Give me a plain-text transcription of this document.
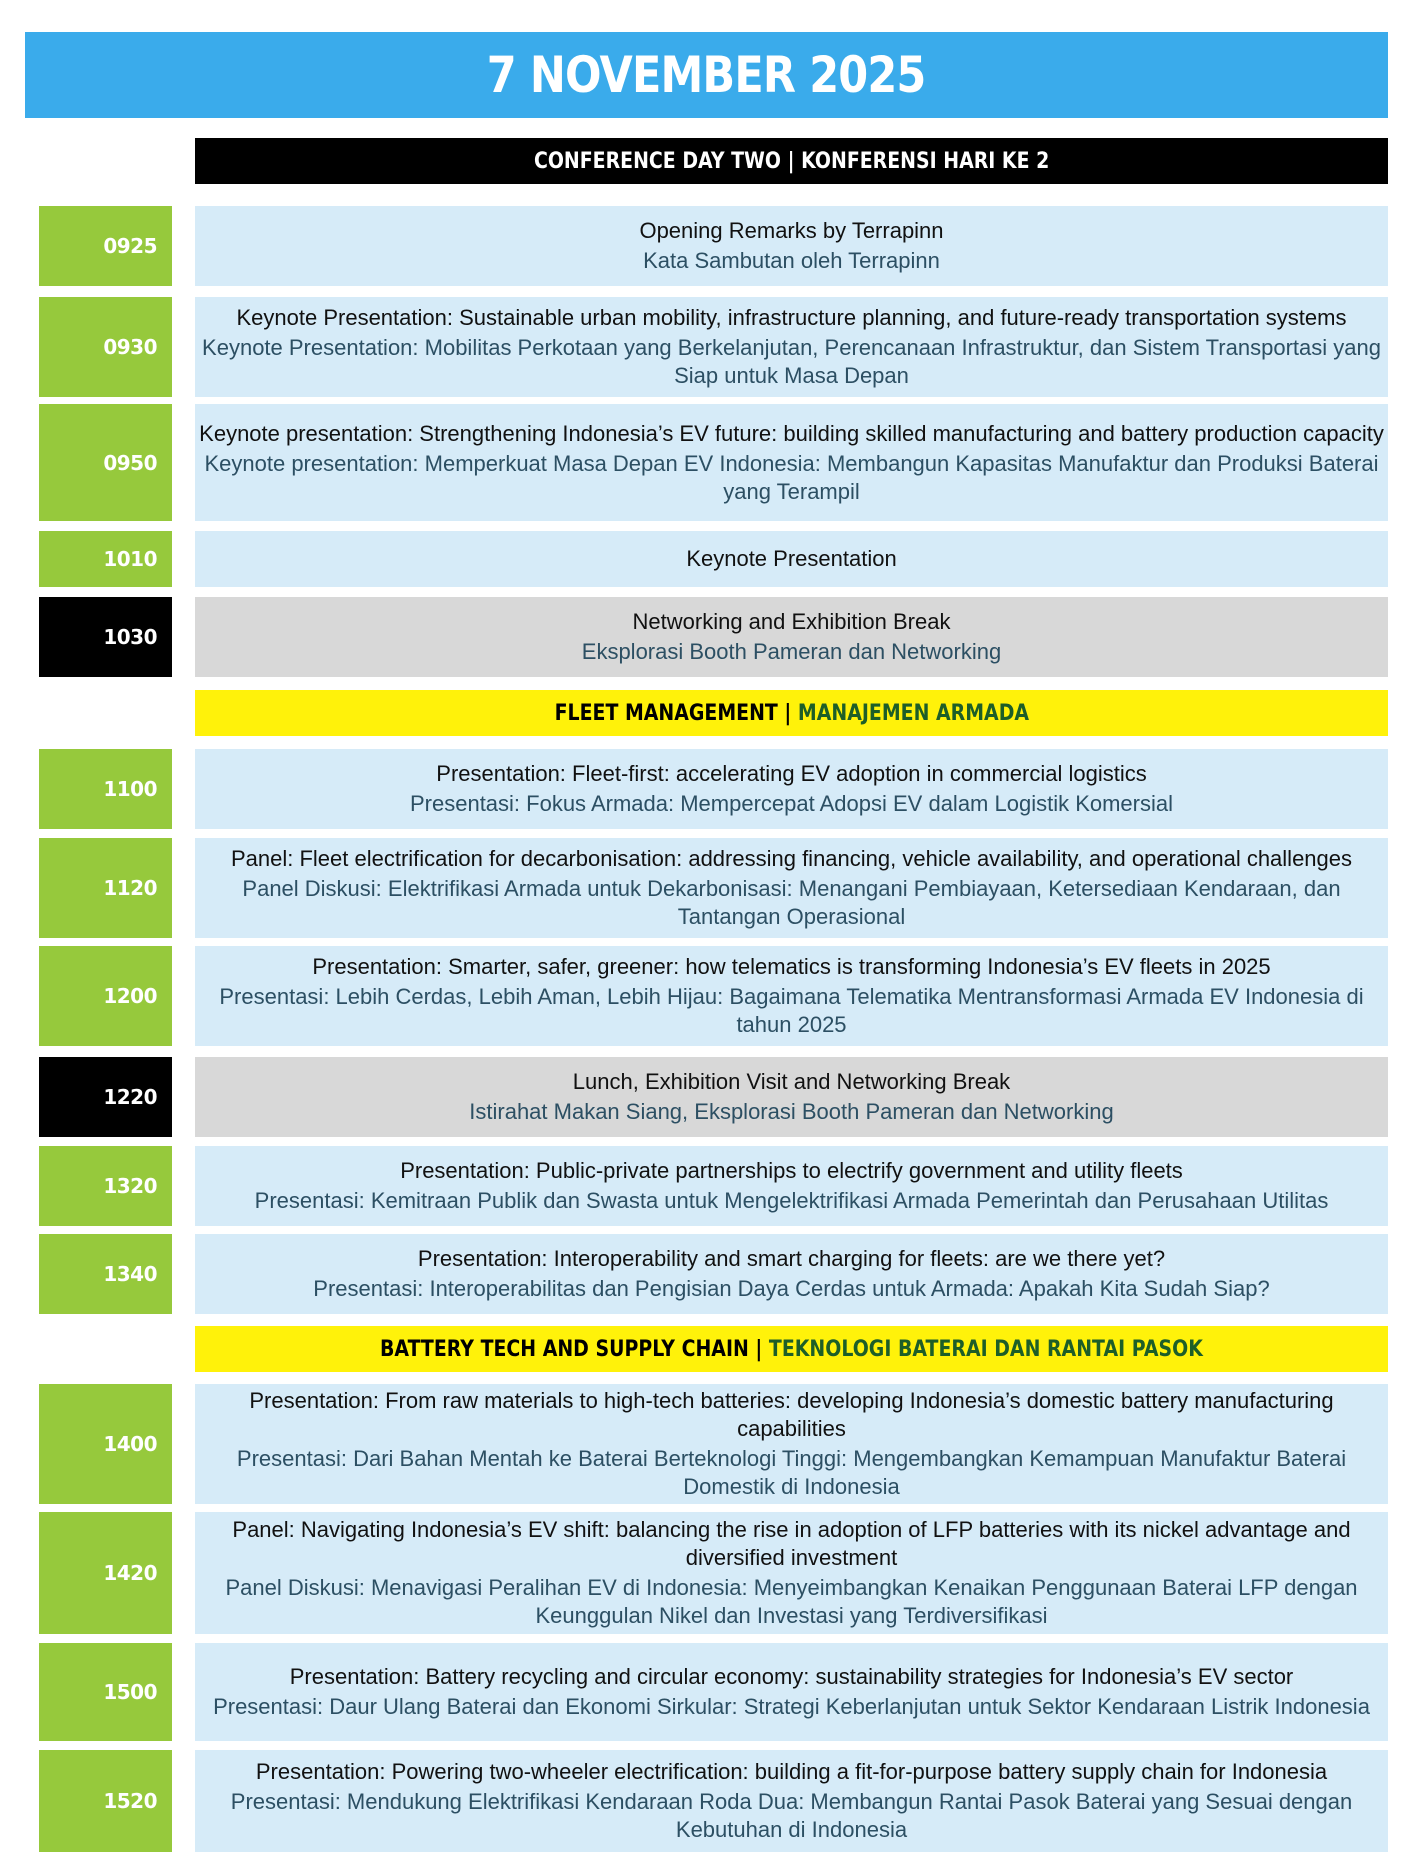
7 NOVEMBER 2025
CONFERENCE DAY TWO | KONFERENSI HARI KE 2
0925
Opening Remarks by Terrapinn
Kata Sambutan oleh Terrapinn
0930
Keynote Presentation: Sustainable urban mobility, infrastructure planning, and future-ready transportation systems
Keynote Presentation: Mobilitas Perkotaan yang Berkelanjutan, Perencanaan Infrastruktur, dan Sistem Transportasi yang Siap untuk Masa Depan
0950
Keynote presentation: Strengthening Indonesia’s EV future: building skilled manufacturing and battery production capacity
Keynote presentation: Memperkuat Masa Depan EV Indonesia: Membangun Kapasitas Manufaktur dan Produksi Baterai yang Terampil
1010	Keynote Presentation
1030
Networking and Exhibition Break
Eksplorasi Booth Pameran dan Networking
FLEET MANAGEMENT | MANAJEMEN ARMADA
1100
Presentation: Fleet-first: accelerating EV adoption in commercial logistics
Presentasi: Fokus Armada: Mempercepat Adopsi EV dalam Logistik Komersial
1120
Panel: Fleet electrification for decarbonisation: addressing financing, vehicle availability, and operational challenges
Panel Diskusi: Elektrifikasi Armada untuk Dekarbonisasi: Menangani Pembiayaan, Ketersediaan Kendaraan, dan Tantangan Operasional
1200
Presentation: Smarter, safer, greener: how telematics is transforming Indonesia’s EV fleets in 2025
Presentasi: Lebih Cerdas, Lebih Aman, Lebih Hijau: Bagaimana Telematika Mentransformasi Armada EV Indonesia di tahun 2025
1220
Lunch, Exhibition Visit and Networking Break
Istirahat Makan Siang, Eksplorasi Booth Pameran dan Networking
1320
Presentation: Public-private partnerships to electrify government and utility fleets
Presentasi: Kemitraan Publik dan Swasta untuk Mengelektrifikasi Armada Pemerintah dan Perusahaan Utilitas
1340
Presentation: Interoperability and smart charging for fleets: are we there yet?
Presentasi: Interoperabilitas dan Pengisian Daya Cerdas untuk Armada: Apakah Kita Sudah Siap?
BATTERY TECH AND SUPPLY CHAIN | TEKNOLOGI BATERAI DAN RANTAI PASOK
1400
Presentation: From raw materials to high-tech batteries: developing Indonesia’s domestic battery manufacturing capabilities
Presentasi: Dari Bahan Mentah ke Baterai Berteknologi Tinggi: Mengembangkan Kemampuan Manufaktur Baterai Domestik di Indonesia
1420
Panel: Navigating Indonesia’s EV shift: balancing the rise in adoption of LFP batteries with its nickel advantage and diversified investment
Panel Diskusi: Menavigasi Peralihan EV di Indonesia: Menyeimbangkan Kenaikan Penggunaan Baterai LFP dengan Keunggulan Nikel dan Investasi yang Terdiversifikasi
1500
Presentation: Battery recycling and circular economy: sustainability strategies for Indonesia’s EV sector
Presentasi: Daur Ulang Baterai dan Ekonomi Sirkular: Strategi Keberlanjutan untuk Sektor Kendaraan Listrik Indonesia
1520
Presentation: Powering two-wheeler electrification: building a fit-for-purpose battery supply chain for Indonesia
Presentasi: Mendukung Elektrifikasi Kendaraan Roda Dua: Membangun Rantai Pasok Baterai yang Sesuai dengan Kebutuhan di Indonesia
